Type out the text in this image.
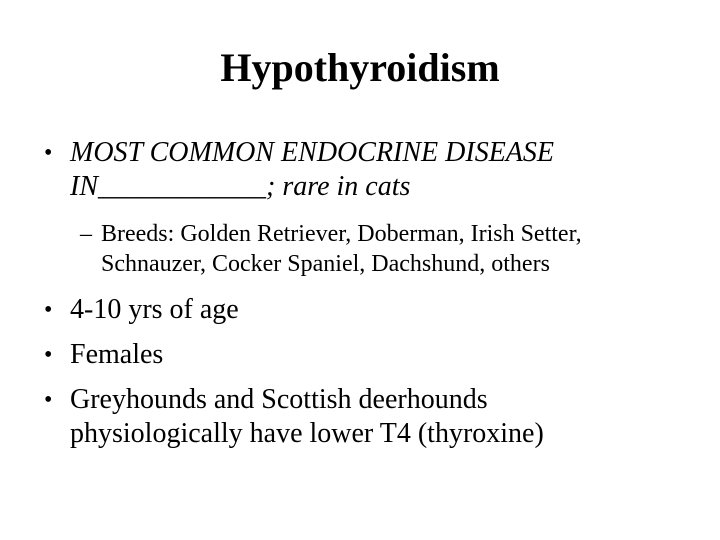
Hypothyroidism
• MOST COMMON ENDOCRINE DISEASE
IN____________; rare in cats
– Breeds: Golden Retriever, Doberman, Irish Setter,
Schnauzer, Cocker Spaniel, Dachshund, others
• 4-10 yrs of age
• Females
• Greyhounds and Scottish deerhounds
physiologically have lower T4 (thyroxine)
